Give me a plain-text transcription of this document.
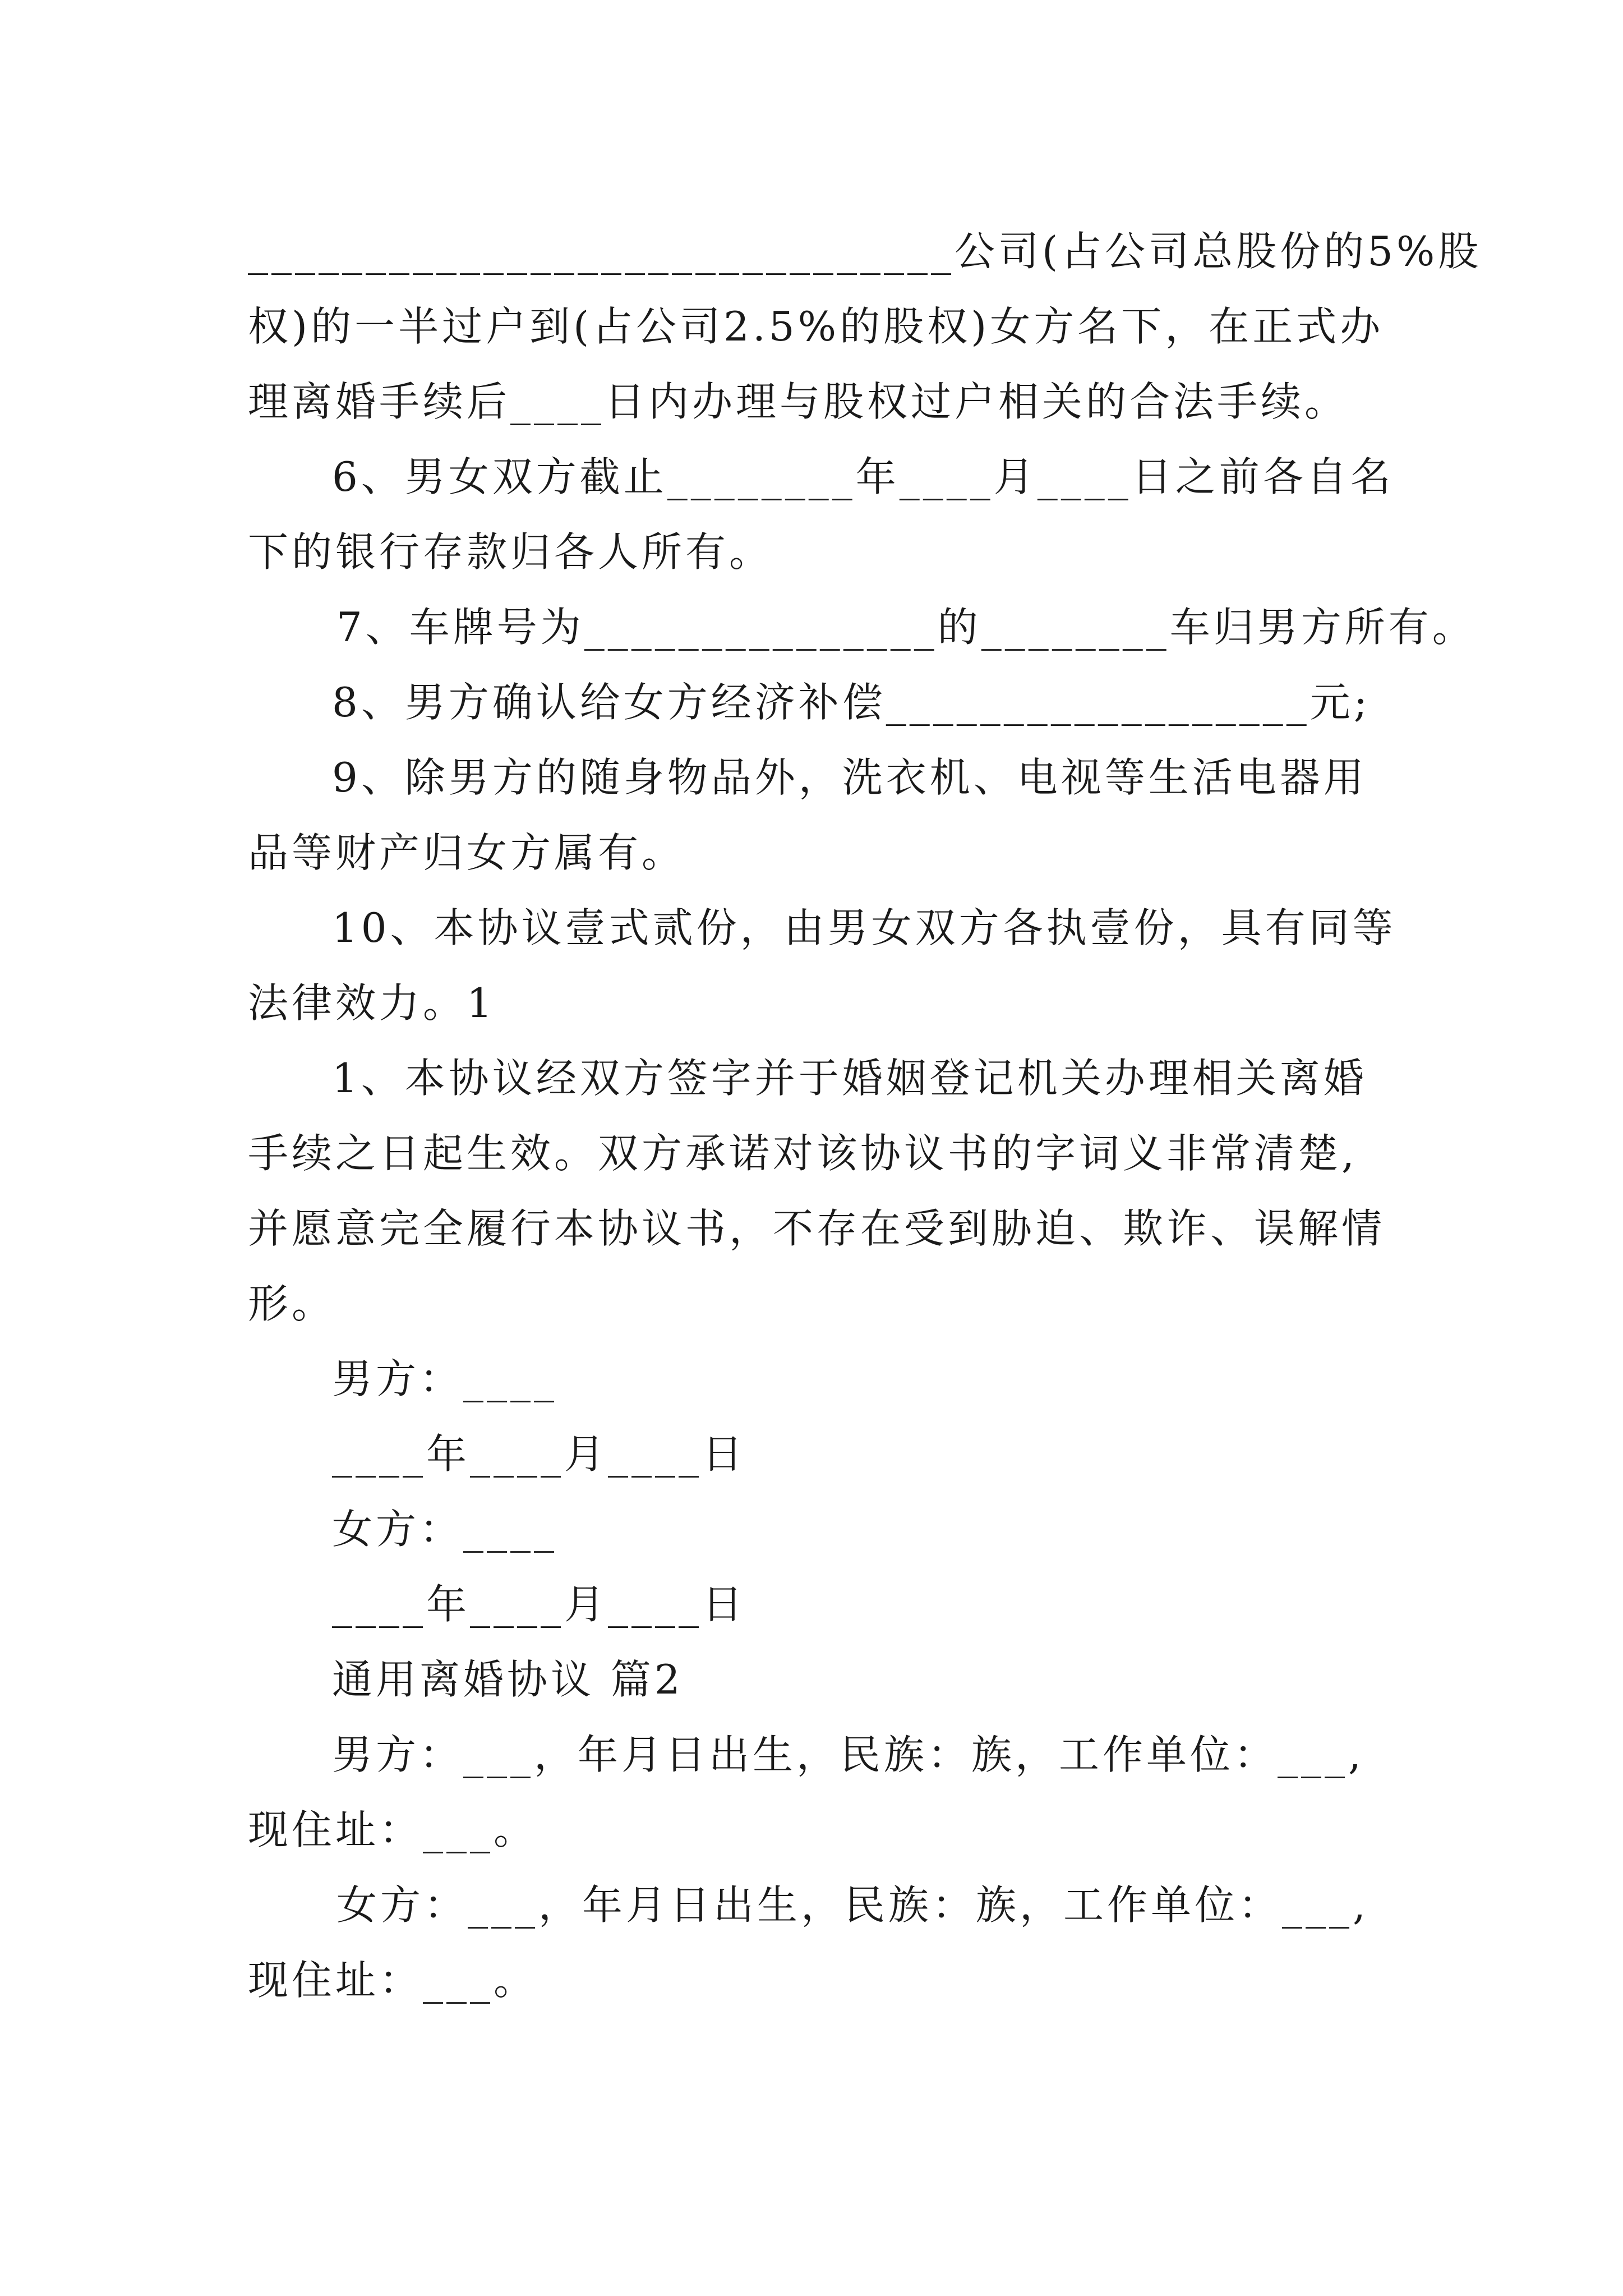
______________________________公司(占公司总股份的5%股
权)的一半过户到(占公司2.5%的股权)女方名下，在正式办
理离婚手续后____日内办理与股权过户相关的合法手续。
6、男女双方截止________年____月____日之前各自名
下的银行存款归各人所有。
7、车牌号为_______________的________车归男方所有。
8、男方确认给女方经济补偿__________________元;
9、除男方的随身物品外，洗衣机、电视等生活电器用
品等财产归女方属有。
10、本协议壹式贰份，由男女双方各执壹份，具有同等
法律效力。1
1、本协议经双方签字并于婚姻登记机关办理相关离婚
手续之日起生效。双方承诺对该协议书的字词义非常清楚,
并愿意完全履行本协议书，不存在受到胁迫、欺诈、误解情
形。
男方：____
____年____月____日
女方：____
____年____月____日
通用离婚协议 篇2
男方：___，年月日出生，民族：族，工作单位：___,
现住址：___。
女方：___，年月日出生，民族：族，工作单位：___,
现住址：___。
